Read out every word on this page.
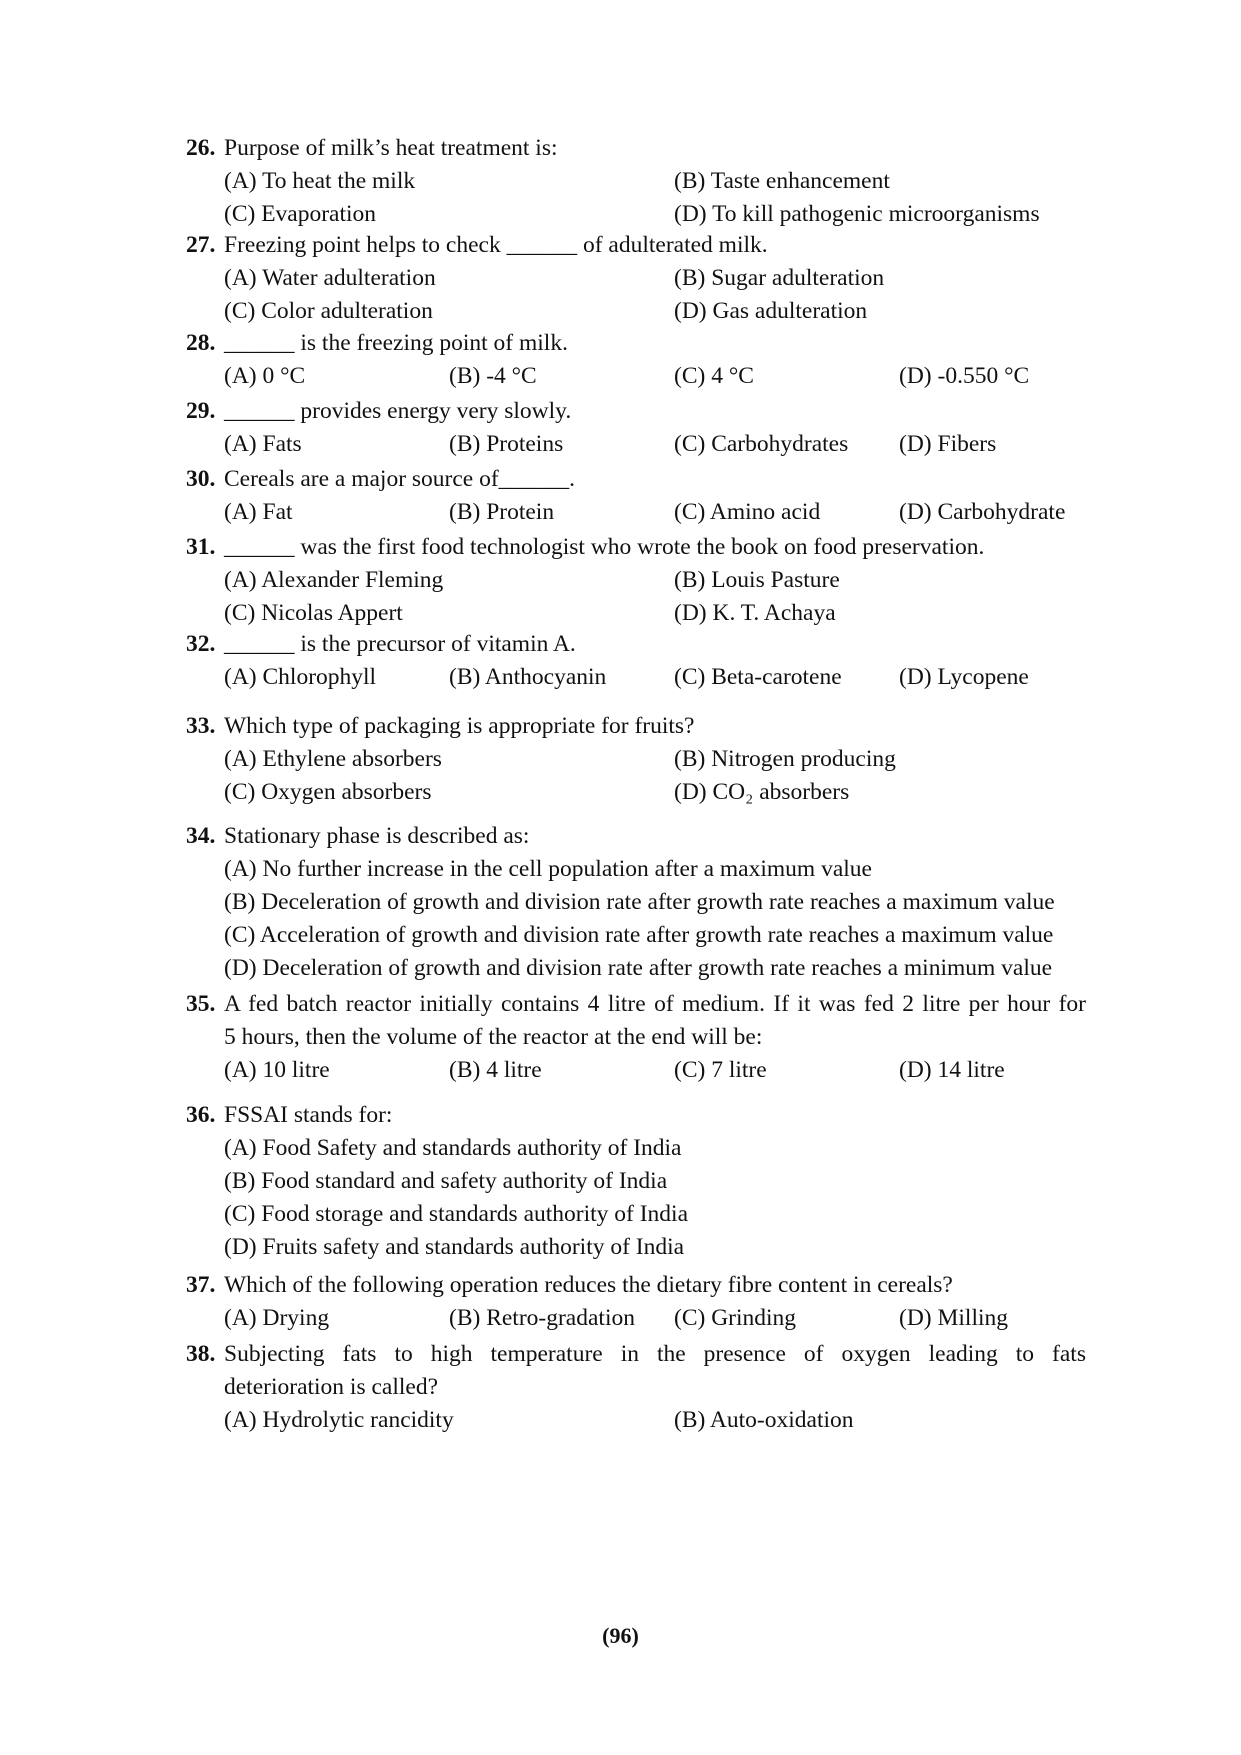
26. Purpose of milk’s heat treatment is:
(A) To heat the milk	(B) Taste enhancement
(C) Evaporation	(D) To kill pathogenic microorganisms
27. Freezing point helps to check ______ of adulterated milk.
(A) Water adulteration	(B) Sugar adulteration
(C) Color adulteration	(D) Gas adulteration
28. ______ is the freezing point of milk.
(A) 0 °C	(B) -4 °C	(C) 4 °C	(D) -0.550 °C
29. ______ provides energy very slowly.
(A) Fats	(B) Proteins	(C) Carbohydrates	(D) Fibers
30. Cereals are a major source of______.
(A) Fat	(B) Protein	(C) Amino acid	(D) Carbohydrate
31. ______ was the first food technologist who wrote the book on food preservation.
(A) Alexander Fleming	(B) Louis Pasture
(C) Nicolas Appert	(D) K. T. Achaya
32. ______ is the precursor of vitamin A.
(A) Chlorophyll	(B) Anthocyanin	(C) Beta-carotene	(D) Lycopene
33. Which type of packaging is appropriate for fruits?
(A) Ethylene absorbers	(B) Nitrogen producing
(C) Oxygen absorbers	(D) CO₂ absorbers
34. Stationary phase is described as:
(A) No further increase in the cell population after a maximum value
(B) Deceleration of growth and division rate after growth rate reaches a maximum value
(C) Acceleration of growth and division rate after growth rate reaches a maximum value
(D) Deceleration of growth and division rate after growth rate reaches a minimum value
35. A fed batch reactor initially contains 4 litre of medium. If it was fed 2 litre per hour for
5 hours, then the volume of the reactor at the end will be:
(A) 10 litre	(B) 4 litre	(C) 7 litre	(D) 14 litre
36. FSSAI stands for:
(A) Food Safety and standards authority of India
(B) Food standard and safety authority of India
(C) Food storage and standards authority of India
(D) Fruits safety and standards authority of India
37. Which of the following operation reduces the dietary fibre content in cereals?
(A) Drying	(B) Retro-gradation	(C) Grinding	(D) Milling
38. Subjecting fats to high temperature in the presence of oxygen leading to fats
deterioration is called?
(A) Hydrolytic rancidity	(B) Auto-oxidation
(96)
